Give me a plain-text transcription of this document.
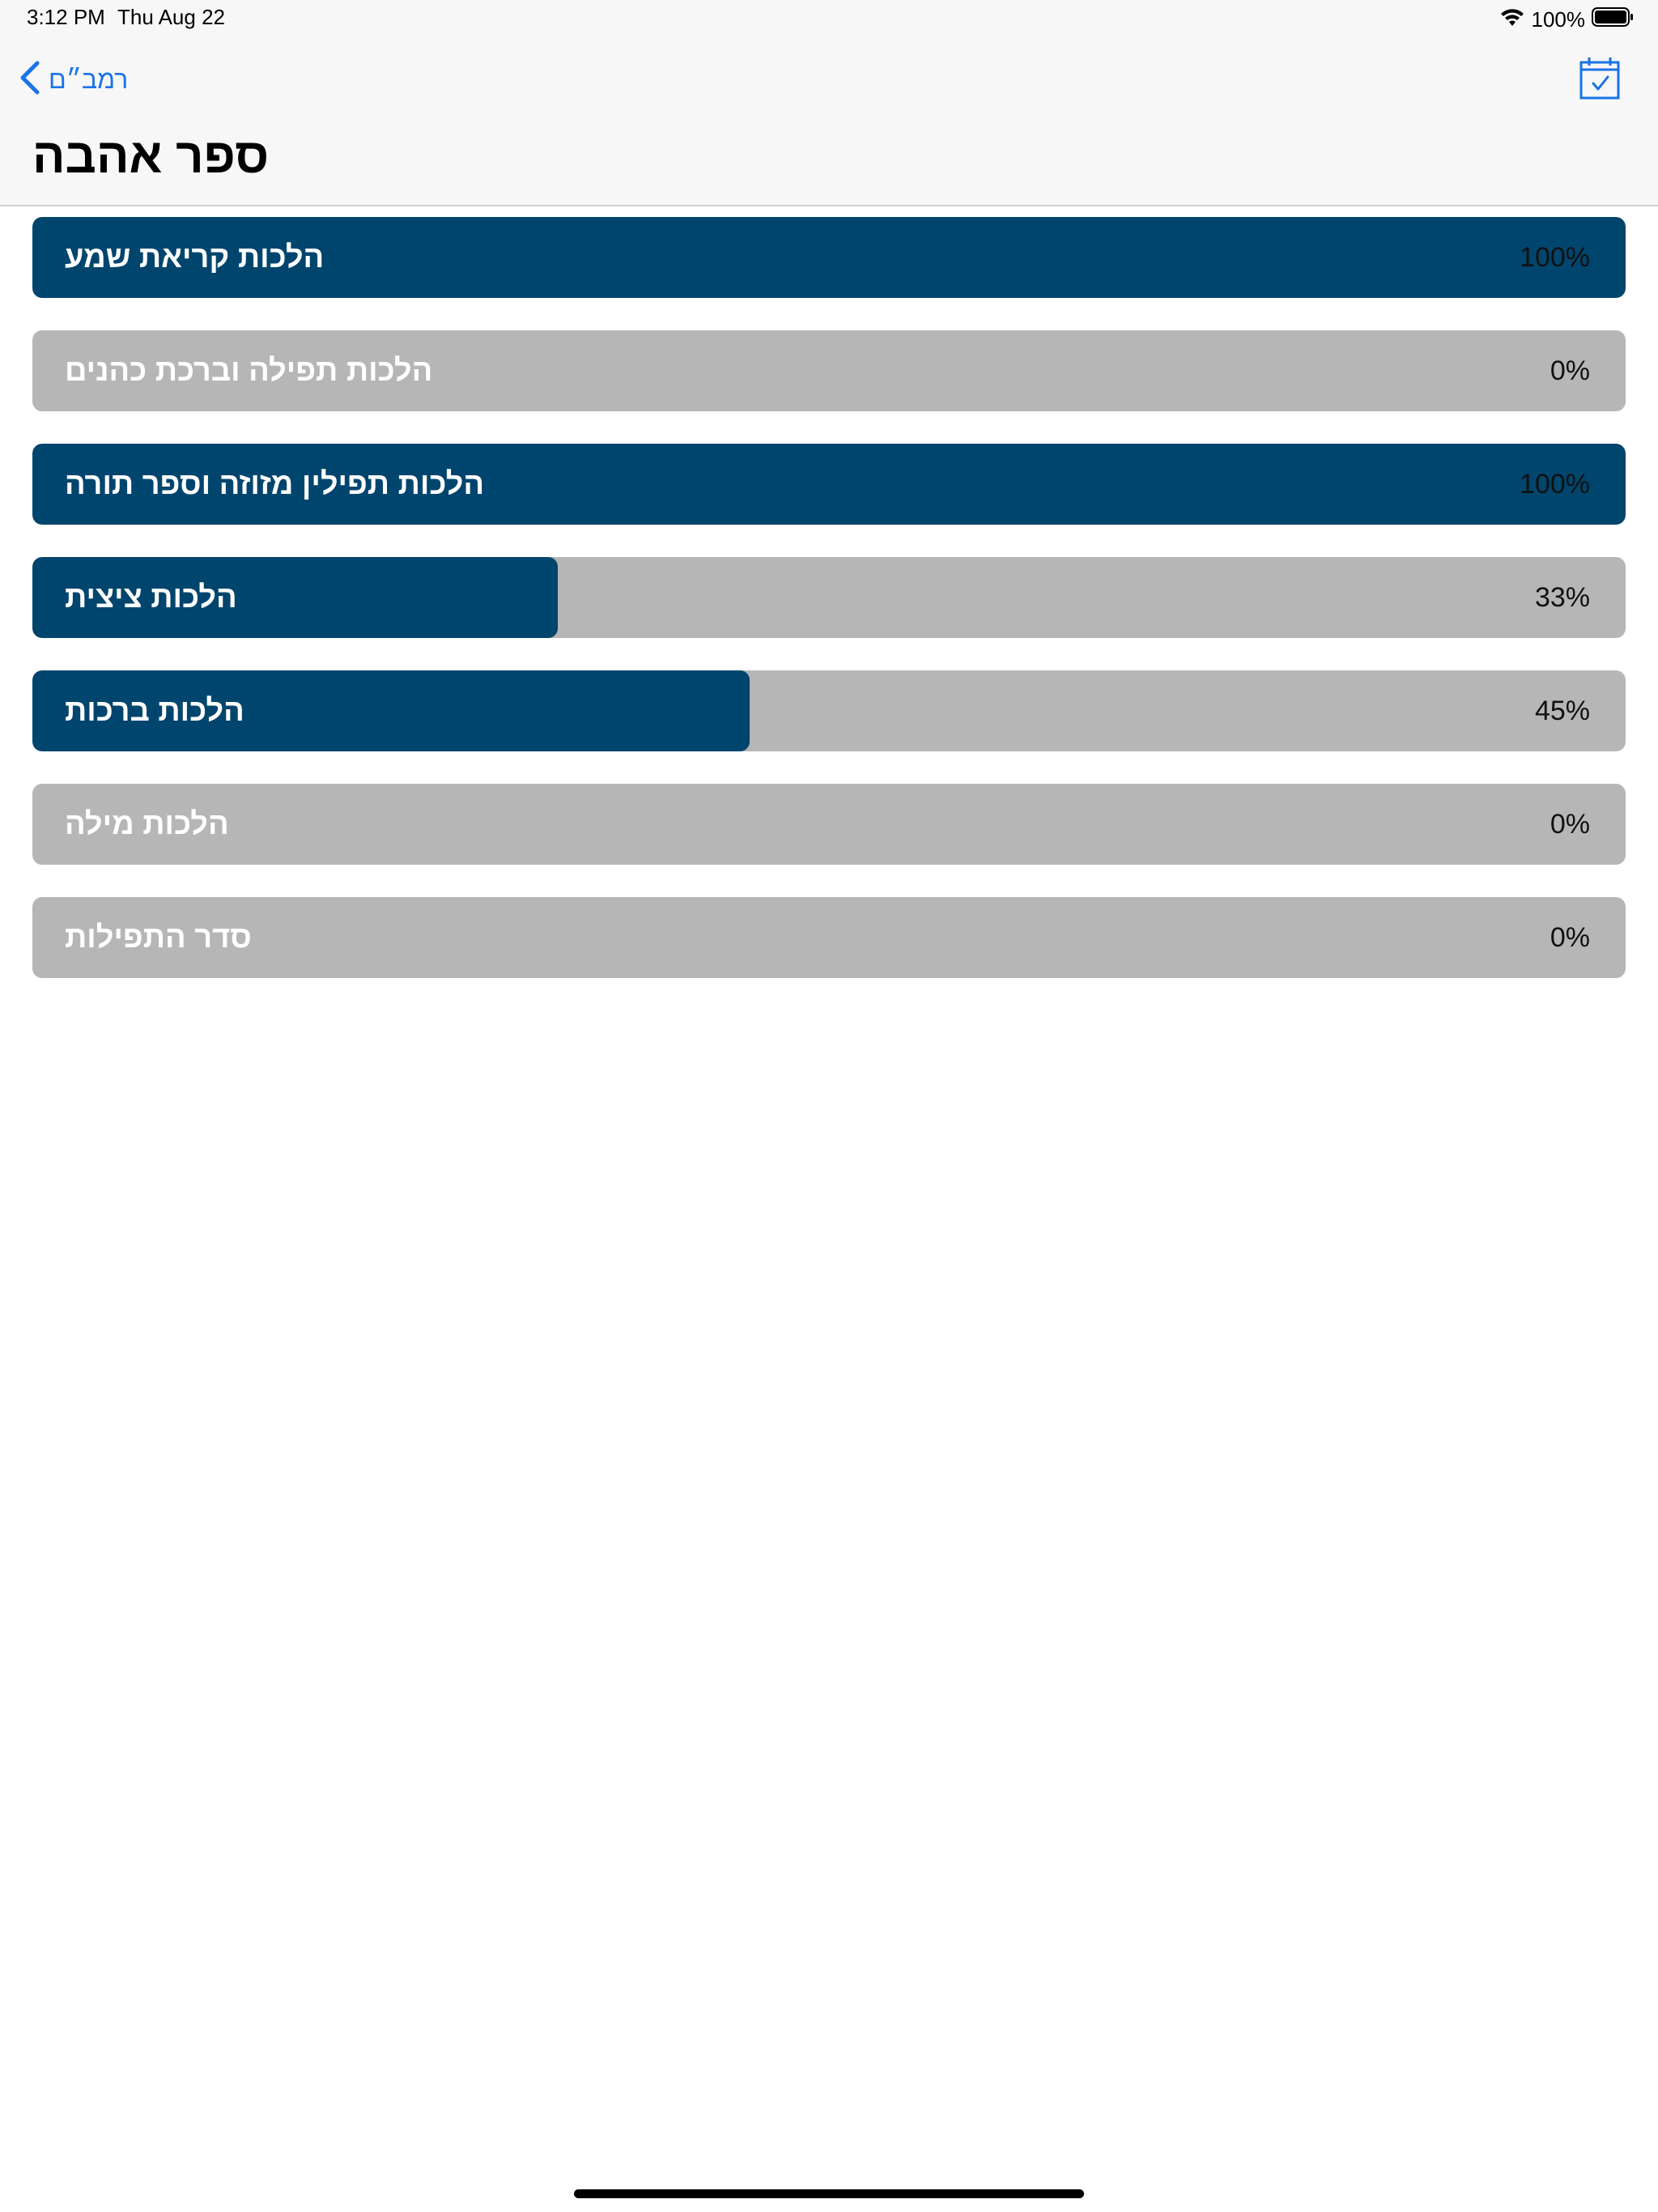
3:12 PM Thu Aug 22	100%
רמב״ם
ספר אהבה
הלכות קריאת שמע	100%
הלכות תפילה וברכת כהנים	0%
הלכות תפילין מזוזה וספר תורה	100%
הלכות ציצית	33%
הלכות ברכות	45%
הלכות מילה	0%
סדר התפילות	0%
